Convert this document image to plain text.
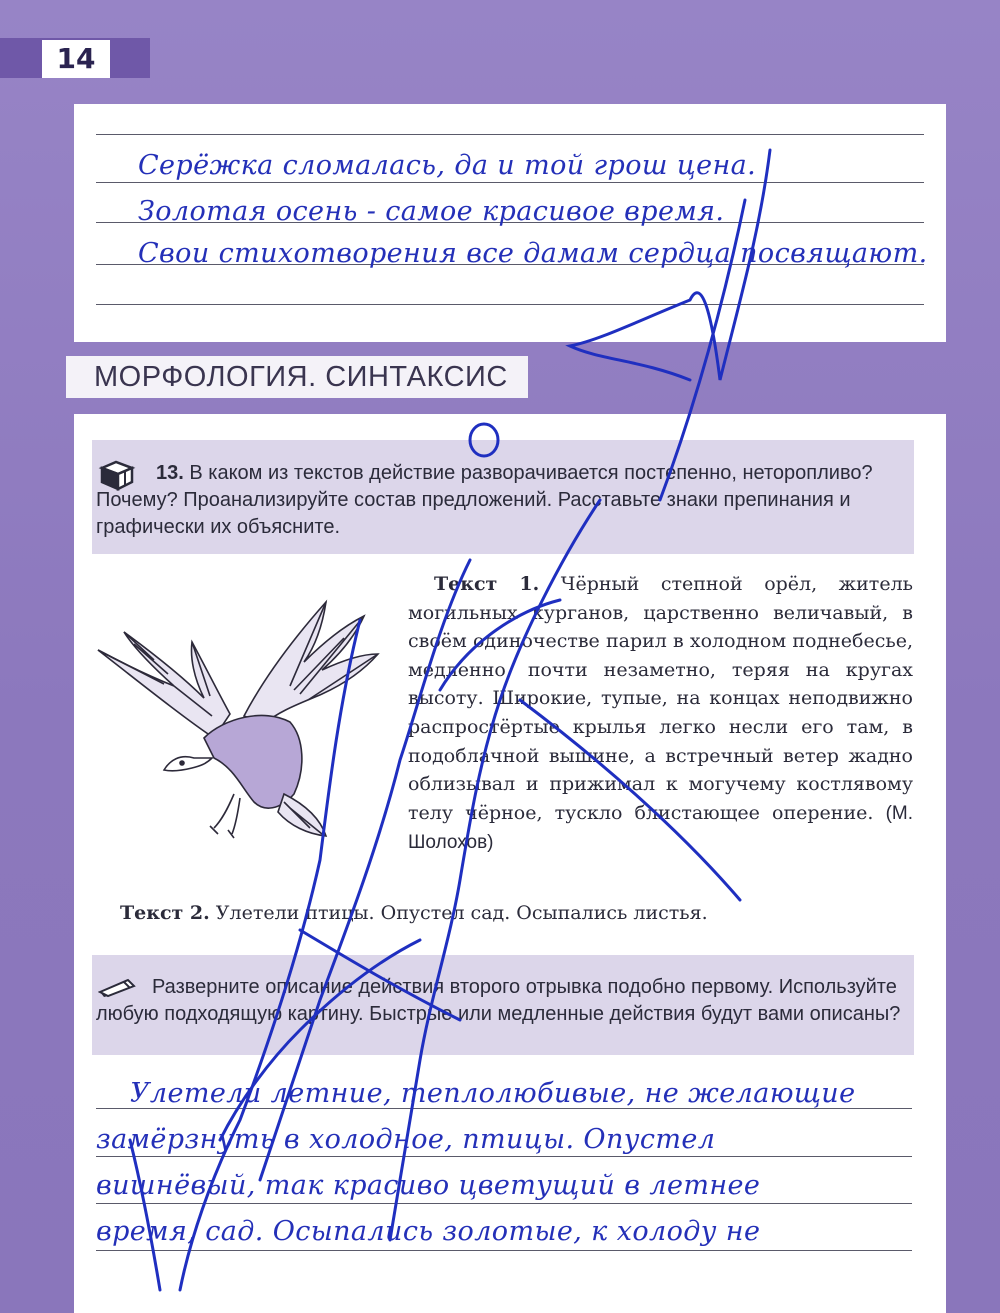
14
Серёжка сломалась, да и той грош цена.
Золотая осень - самое красивое время.
Свои стихотворения все дамам сердца посвящают.
МОРФОЛОГИЯ. СИНТАКСИС
13. В каком из текстов действие разворачивается постепенно, неторопливо? Почему? Проанализируйте состав предложений. Расставьте знаки препинания и графически их объясните.
Текст 1. Чёрный степной орёл, житель могильных курганов, царственно величавый, в своём одиночестве парил в холодном поднебесье, медленно, почти незаметно, теряя на кругах высоту. Широкие, тупые, на концах неподвижно распростёртые крылья легко несли его там, в подоблачной вышине, а встречный ветер жадно облизывал и прижимал к могучему костлявому телу чёрное, тускло блистающее оперение. (М. Шолохов)
Текст 2. Улетели птицы. Опустел сад. Осыпались листья.
Разверните описание действия второго отрывка подобно первому. Используйте любую подходящую картину. Быстрые или медленные действия будут вами описаны?
Улетели летние, теплолюбивые, не желающие
замёрзнуть в холодное, птицы. Опустел
вишнёвый, так красиво цветущий в летнее
время, сад. Осыпались золотые, к холоду не
